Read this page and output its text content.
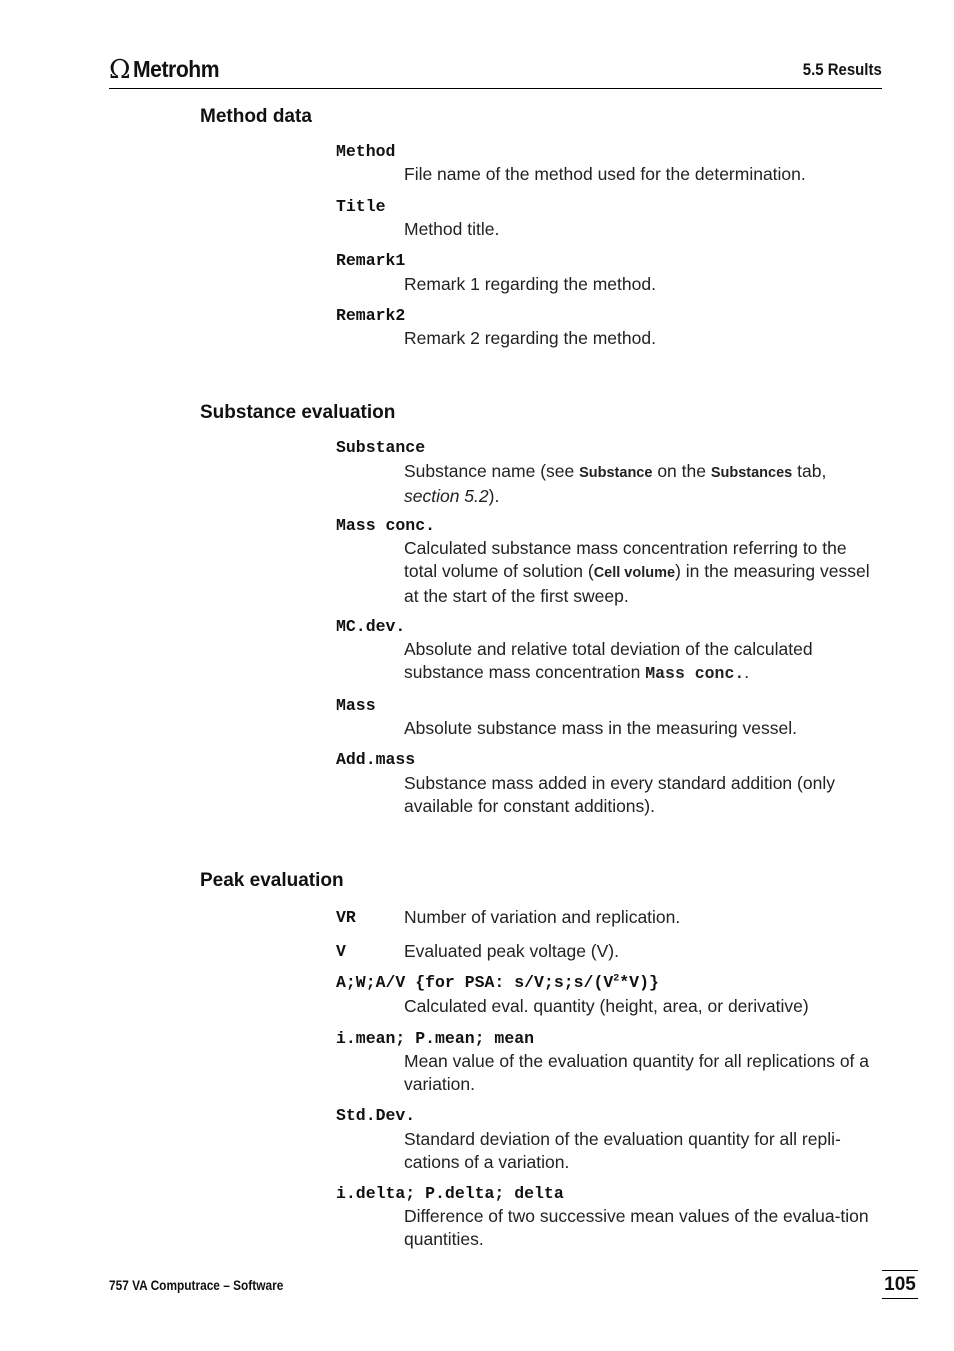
Ω Metrohm	5.5 Results
Method data
Method
File name of the method used for the determination.
Title
Method title.
Remark1
Remark 1 regarding the method.
Remark2
Remark 2 regarding the method.
Substance evaluation
Substance
Substance name (see Substance on the Substances tab, section 5.2).
Mass conc.
Calculated substance mass concentration referring to the total volume of solution (Cell volume) in the measuring vessel at the start of the first sweep.
MC.dev.
Absolute and relative total deviation of the calculated substance mass concentration Mass conc..
Mass
Absolute substance mass in the measuring vessel.
Add.mass
Substance mass added in every standard addition (only available for constant additions).
Peak evaluation
VR	Number of variation and replication.
V	Evaluated peak voltage (V).
A;W;A/V {for PSA: $s/V;s;s/(V^2*V)$}
Calculated eval. quantity (height, area, or derivative)
i.mean; P.mean; mean
Mean value of the evaluation quantity for all replications of a variation.
Std.Dev.
Standard deviation of the evaluation quantity for all repli-cations of a variation.
i.delta; P.delta; delta
Difference of two successive mean values of the evalua-tion quantities.
757 VA Computrace – Software	105
